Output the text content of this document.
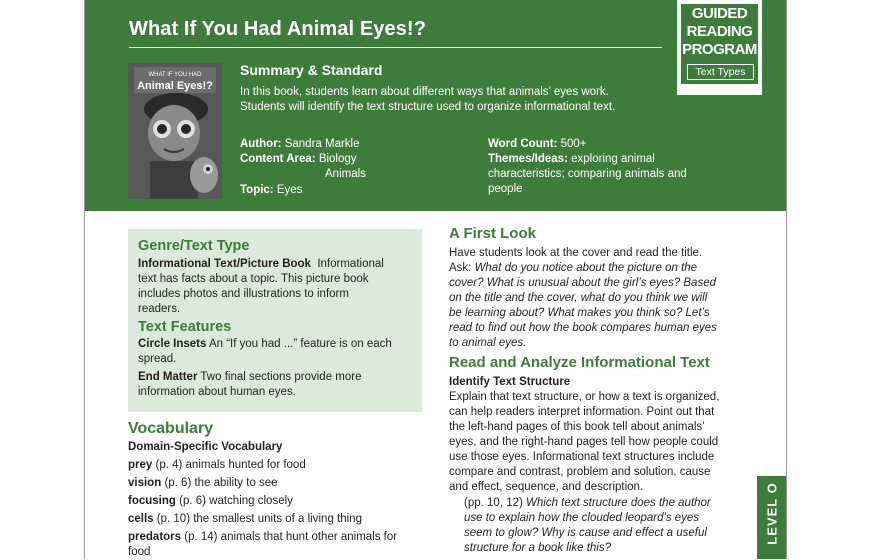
What If You Had Animal Eyes!?
GUIDED
READING
PROGRAM
Text Types
WHAT IF YOU HAD
Animal Eyes!?
Summary & Standard
In this book, students learn about different ways that animals’ eyes work.
Students will identify the text structure used to organize informational text.
Author: Sandra Markle
Content Area: Biology
Animals
Topic: Eyes
Word Count: 500+
Themes/Ideas: exploring animal
characteristics; comparing animals and
people
Genre/Text Type
Informational Text/Picture Book Informational
text has facts about a topic. This picture book
includes photos and illustrations to inform
readers.
Text Features
Circle Insets An “If you had ...” feature is on each
spread.
End Matter Two final sections provide more
information about human eyes.
Vocabulary
Domain-Specific Vocabulary
prey (p. 4) animals hunted for food
vision (p. 6) the ability to see
focusing (p. 6) watching closely
cells (p. 10) the smallest units of a living thing
predators (p. 14) animals that hunt other animals for
food
A First Look
Have students look at the cover and read the title.
Ask: What do you notice about the picture on the
cover? What is unusual about the girl’s eyes? Based
on the title and the cover, what do you think we will
be learning about? What makes you think so? Let’s
read to find out how the book compares human eyes
to animal eyes.
Read and Analyze Informational Text
Identify Text Structure
Explain that text structure, or how a text is organized,
can help readers interpret information. Point out that
the left-hand pages of this book tell about animals’
eyes, and the right-hand pages tell how people could
use those eyes. Informational text structures include
compare and contrast, problem and solution, cause
and effect, sequence, and description.
(pp. 10, 12) Which text structure does the author
use to explain how the clouded leopard’s eyes
seem to glow? Why is cause and effect a useful
structure for a book like this?
LEVEL O
